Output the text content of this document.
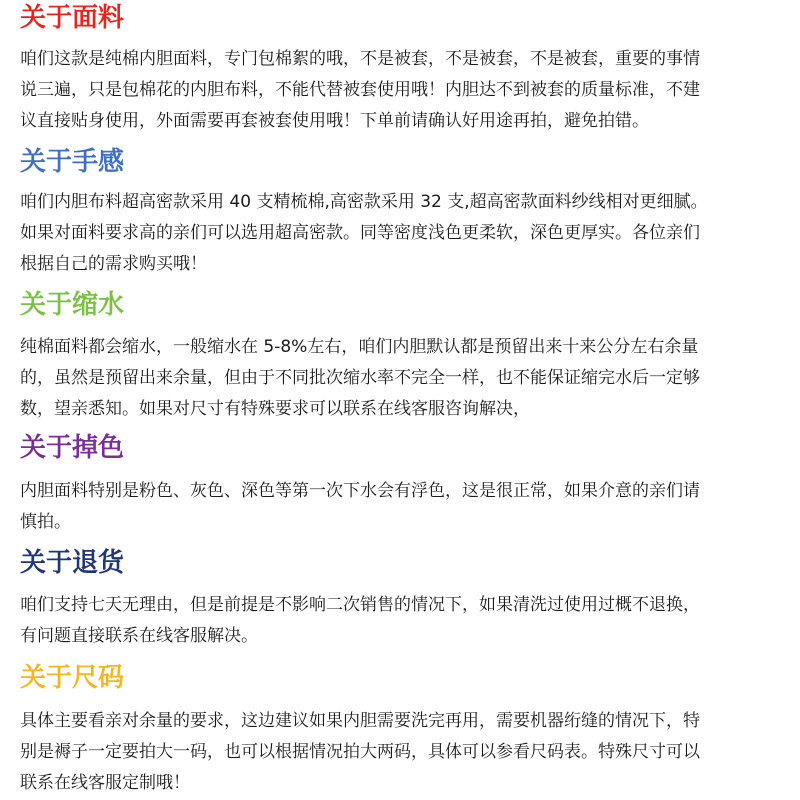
关于面料
咱们这款是纯棉内胆面料，专门包棉絮的哦，不是被套，不是被套，不是被套，重要的事情
说三遍，只是包棉花的内胆布料，不能代替被套使用哦！内胆达不到被套的质量标准，不建
议直接贴身使用，外面需要再套被套使用哦！下单前请确认好用途再拍，避免拍错。
关于手感
咱们内胆布料超高密款采用 40 支精梳棉,高密款采用 32 支,超高密款面料纱线相对更细腻。
如果对面料要求高的亲们可以选用超高密款。同等密度浅色更柔软，深色更厚实。各位亲们
根据自己的需求购买哦！
关于缩水
纯棉面料都会缩水，一般缩水在 5-8%左右，咱们内胆默认都是预留出来十来公分左右余量
的，虽然是预留出来余量，但由于不同批次缩水率不完全一样，也不能保证缩完水后一定够
数，望亲悉知。如果对尺寸有特殊要求可以联系在线客服咨询解决，
关于掉色
内胆面料特别是粉色、灰色、深色等第一次下水会有浮色，这是很正常，如果介意的亲们请
慎拍。
关于退货
咱们支持七天无理由，但是前提是不影响二次销售的情况下，如果清洗过使用过概不退换，
有问题直接联系在线客服解决。
关于尺码
具体主要看亲对余量的要求，这边建议如果内胆需要洗完再用，需要机器绗缝的情况下，特
别是褥子一定要拍大一码，也可以根据情况拍大两码，具体可以参看尺码表。特殊尺寸可以
联系在线客服定制哦！
